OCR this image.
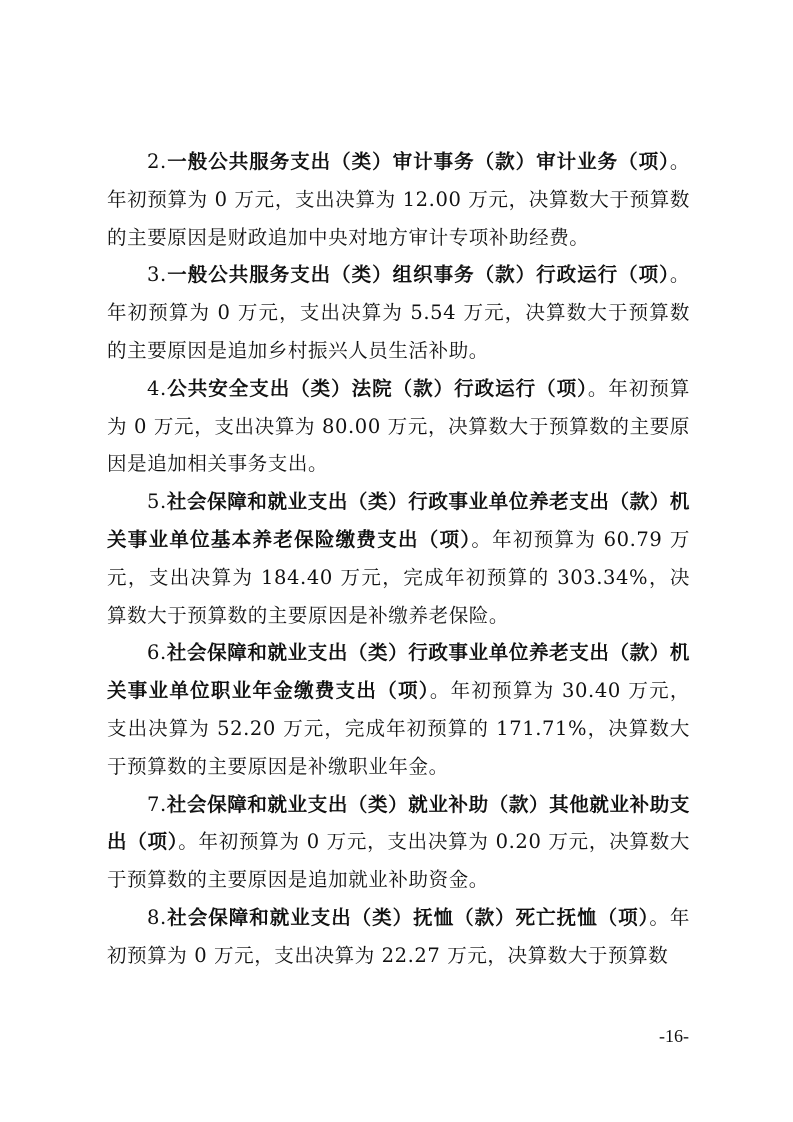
2.一般公共服务支出（类）审计事务（款）审计业务（项）。年初预算为 0 万元，支出决算为 12.00 万元，决算数大于预算数的主要原因是财政追加中央对地方审计专项补助经费。

3.一般公共服务支出（类）组织事务（款）行政运行（项）。年初预算为 0 万元，支出决算为 5.54 万元，决算数大于预算数的主要原因是追加乡村振兴人员生活补助。

4.公共安全支出（类）法院（款）行政运行（项）。年初预算为 0 万元，支出决算为 80.00 万元，决算数大于预算数的主要原因是追加相关事务支出。

5.社会保障和就业支出（类）行政事业单位养老支出（款）机关事业单位基本养老保险缴费支出（项）。年初预算为 60.79 万元，支出决算为 184.40 万元，完成年初预算的 303.34%，决算数大于预算数的主要原因是补缴养老保险。

6.社会保障和就业支出（类）行政事业单位养老支出（款）机关事业单位职业年金缴费支出（项）。年初预算为 30.40 万元，支出决算为 52.20 万元，完成年初预算的 171.71%，决算数大于预算数的主要原因是补缴职业年金。

7.社会保障和就业支出（类）就业补助（款）其他就业补助支出（项）。年初预算为 0 万元，支出决算为 0.20 万元，决算数大于预算数的主要原因是追加就业补助资金。

8.社会保障和就业支出（类）抚恤（款）死亡抚恤（项）。年初预算为 0 万元，支出决算为 22.27 万元，决算数大于预算数

-16-
